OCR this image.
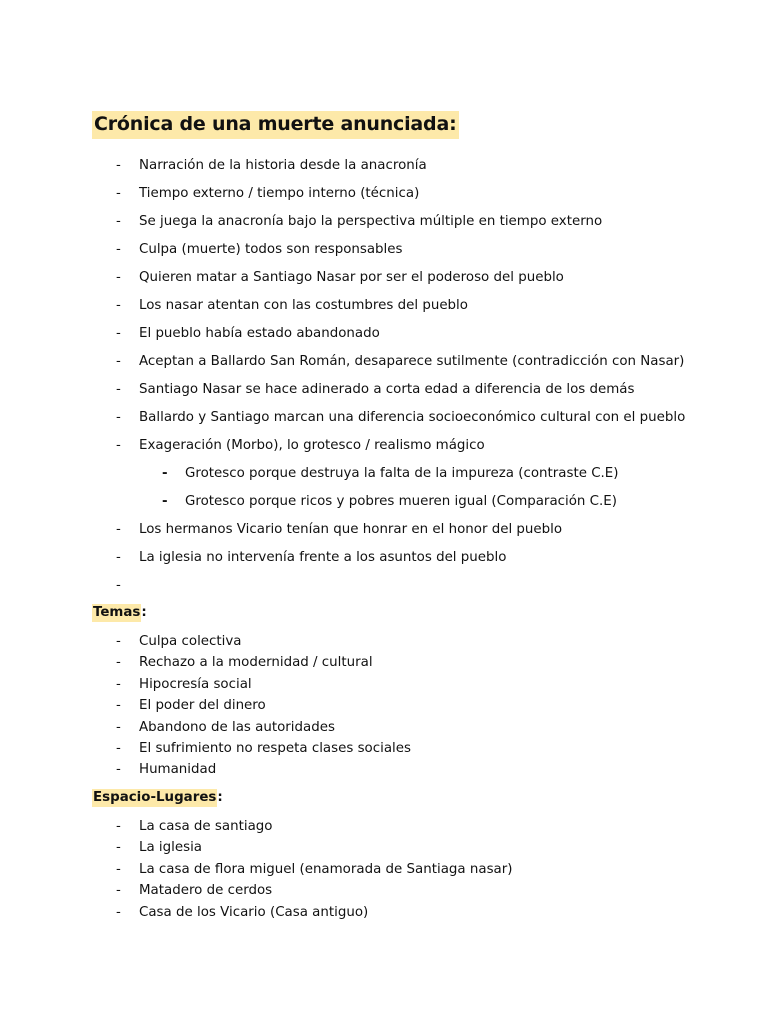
Crónica de una muerte anunciada:
- Narración de la historia desde la anacronía
- Tiempo externo / tiempo interno (técnica)
- Se juega la anacronía bajo la perspectiva múltiple en tiempo externo
- Culpa (muerte) todos son responsables
- Quieren matar a Santiago Nasar por ser el poderoso del pueblo
- Los nasar atentan con las costumbres del pueblo
- El pueblo había estado abandonado
- Aceptan a Ballardo San Román, desaparece sutilmente (contradicción con Nasar)
- Santiago Nasar se hace adinerado a corta edad a diferencia de los demás
- Ballardo y Santiago marcan una diferencia socioeconómico cultural con el pueblo
- Exageración (Morbo), lo grotesco / realismo mágico
- Grotesco porque destruya la falta de la impureza (contraste C.E)
- Grotesco porque ricos y pobres mueren igual (Comparación C.E)
- Los hermanos Vicario tenían que honrar en el honor del pueblo
- La iglesia no intervenía frente a los asuntos del pueblo
-

Temas:

- Culpa colectiva
- Rechazo a la modernidad / cultural
- Hipocresía social
- El poder del dinero
- Abandono de las autoridades
- El sufrimiento no respeta clases sociales
- Humanidad

Espacio-Lugares:

- La casa de santiago
- La iglesia
- La casa de flora miguel (enamorada de Santiaga nasar)
- Matadero de cerdos
- Casa de los Vicario (Casa antiguo)
